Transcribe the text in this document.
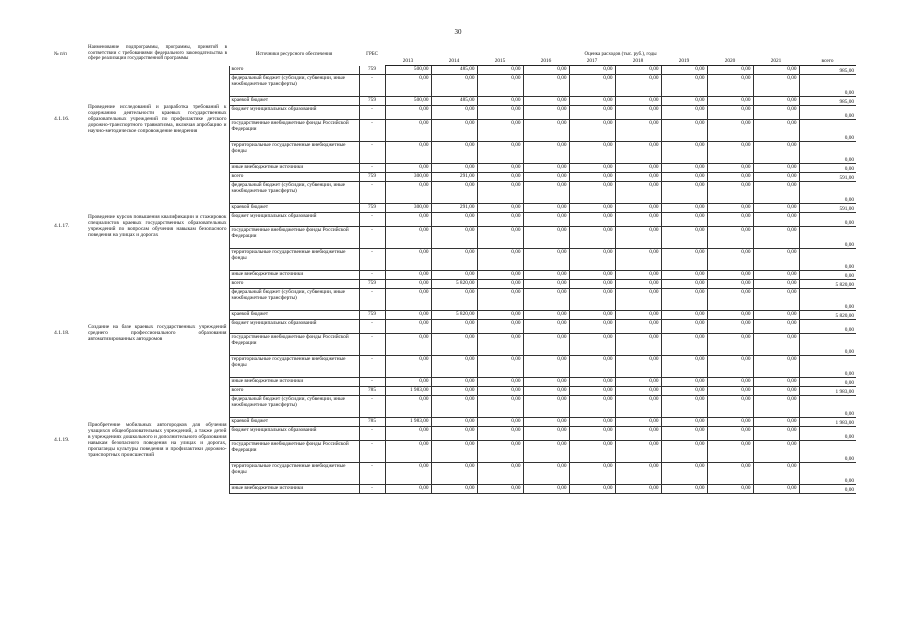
30
№ п/п	Наименование подпрограммы, программы, принятой в соответствии с требованиями федерального законодательства в сфере реализации государственной программы	Источники ресурсного обеспечения	ГРБС	Оценка расходов (тыс. руб.), годы									
				2013	2014	2015	2016	2017	2018	2019	2020	2021	всего
4.1.16.	Проведение исследований и разработка требований к содержанию деятельности краевых государственных образовательных учреждений по профилактике детского дорожно-транспортного травматизма, включая апробацию и научно-методическое сопровождение внедрения	всего	759	500,00	485,00	0,00	0,00	0,00	0,00	0,00	0,00	0,00	985,00
		федеральный бюджет (субсидии, субвенции, иные межбюджетные трансферты)	-	0,00	0,00	0,00	0,00	0,00	0,00	0,00	0,00	0,00	0,00
		краевой бюджет	759	500,00	485,00	0,00	0,00	0,00	0,00	0,00	0,00	0,00	985,00
		бюджет муниципальных образований	-	0,00	0,00	0,00	0,00	0,00	0,00	0,00	0,00	0,00	0,00
		государственные внебюджетные фонды Российской Федерации	-	0,00	0,00	0,00	0,00	0,00	0,00	0,00	0,00	0,00	0,00
		территориальные государственные внебюджетные фонды	-	0,00	0,00	0,00	0,00	0,00	0,00	0,00	0,00	0,00	0,00
		иные внебюджетные источники	-	0,00	0,00	0,00	0,00	0,00	0,00	0,00	0,00	0,00	0,00
4.1.17.	Проведение курсов повышения квалификации и стажировок специалистов краевых государственных образовательных учреждений по вопросам обучения навыкам безопасного поведения на улицах и дорогах	всего	759	300,00	291,00	0,00	0,00	0,00	0,00	0,00	0,00	0,00	591,00
		федеральный бюджет (субсидии, субвенции, иные межбюджетные трансферты)	-	0,00	0,00	0,00	0,00	0,00	0,00	0,00	0,00	0,00	0,00
		краевой бюджет	759	300,00	291,00	0,00	0,00	0,00	0,00	0,00	0,00	0,00	591,00
		бюджет муниципальных образований	-	0,00	0,00	0,00	0,00	0,00	0,00	0,00	0,00	0,00	0,00
		государственные внебюджетные фонды Российской Федерации	-	0,00	0,00	0,00	0,00	0,00	0,00	0,00	0,00	0,00	0,00
		территориальные государственные внебюджетные фонды	-	0,00	0,00	0,00	0,00	0,00	0,00	0,00	0,00	0,00	0,00
		иные внебюджетные источники	-	0,00	0,00	0,00	0,00	0,00	0,00	0,00	0,00	0,00	0,00
4.1.18.	Создание на базе краевых государственных учреждений среднего профессионального образования автоматизированных автодромов	всего	759	0,00	5 820,00	0,00	0,00	0,00	0,00	0,00	0,00	0,00	5 820,00
		федеральный бюджет (субсидии, субвенции, иные межбюджетные трансферты)	-	0,00	0,00	0,00	0,00	0,00	0,00	0,00	0,00	0,00	0,00
		краевой бюджет	759	0,00	5 820,00	0,00	0,00	0,00	0,00	0,00	0,00	0,00	5 820,00
		бюджет муниципальных образований	-	0,00	0,00	0,00	0,00	0,00	0,00	0,00	0,00	0,00	0,00
		государственные внебюджетные фонды Российской Федерации	-	0,00	0,00	0,00	0,00	0,00	0,00	0,00	0,00	0,00	0,00
		территориальные государственные внебюджетные фонды	-	0,00	0,00	0,00	0,00	0,00	0,00	0,00	0,00	0,00	0,00
		иные внебюджетные источники	-	0,00	0,00	0,00	0,00	0,00	0,00	0,00	0,00	0,00	0,00
4.1.19.	Приобретение мобильных автогородков для обучения учащихся общеобразовательных учреждений, а также детей в учреждениях дошкольного и дополнительного образования навыкам безопасного поведения на улицах и дорогах, пропаганды культуры поведения и профилактики дорожно-транспортных происшествий	всего	785	1 983,00	0,00	0,00	0,00	0,00	0,00	0,00	0,00	0,00	1 983,00
		федеральный бюджет (субсидии, субвенции, иные межбюджетные трансферты)	-	0,00	0,00	0,00	0,00	0,00	0,00	0,00	0,00	0,00	0,00
		краевой бюджет	785	1 983,00	0,00	0,00	0,00	0,00	0,00	0,00	0,00	0,00	1 983,00
		бюджет муниципальных образований	-	0,00	0,00	0,00	0,00	0,00	0,00	0,00	0,00	0,00	0,00
		государственные внебюджетные фонды Российской Федерации	-	0,00	0,00	0,00	0,00	0,00	0,00	0,00	0,00	0,00	0,00
		территориальные государственные внебюджетные фонды	-	0,00	0,00	0,00	0,00	0,00	0,00	0,00	0,00	0,00	0,00
		иные внебюджетные источники	-	0,00	0,00	0,00	0,00	0,00	0,00	0,00	0,00	0,00	0,00
